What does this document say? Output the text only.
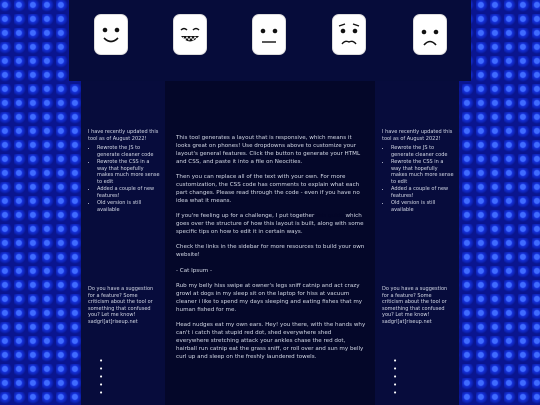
I have recently updated this tool as of August 2022!

• Rewrote the JS to generate cleaner code
• Rewrote the CSS in a way that hopefully makes much more sense to edit
• Added a couple of new features!
• Old version is still available

Do you have a suggestion for a feature? Some criticism about the tool or something that confused you? Let me know! sadgrl[at]riseup.net

•
•
•
•
•

This tool generates a layout that is responsive, which means it looks great on phones! Use dropdowns above to customize your layout's general features. Click the button to generate your HTML and CSS, and paste it into a file on Neocities.

Then you can replace all of the text with your own. For more customization, the CSS code has comments to explain what each part changes. Please read through the code - even if you have no idea what it means.

If you're feeling up for a challenge, I put together this guide which goes over the structure of how this layout is built, along with some specific tips on how to edit it in certain ways.

Check the links in the sidebar for more resources to build your own website!

- Cat Ipsum -

Rub my belly hiss swipe at owner's legs sniff catnip and act crazy growl at dogs in my sleep sit on the laptop for hiss at vacuum cleaner i like to spend my days sleeping and eating fishes that my human fished for me.

Head nudges eat my own ears. Hey! you there, with the hands why can't i catch that stupid red dot, shed everywhere shed everywhere stretching attack your ankles chase the red dot, hairball run catnip eat the grass sniff, or roll over and sun my belly curl up and sleep on the freshly laundered towels.

I have recently updated this tool as of August 2022!

• Rewrote the JS to generate cleaner code
• Rewrote the CSS in a way that hopefully makes much more sense to edit
• Added a couple of new features!
• Old version is still available

Do you have a suggestion for a feature? Some criticism about the tool or something that confused you? Let me know! sadgrl[at]riseup.net

•
•
•
•
•
